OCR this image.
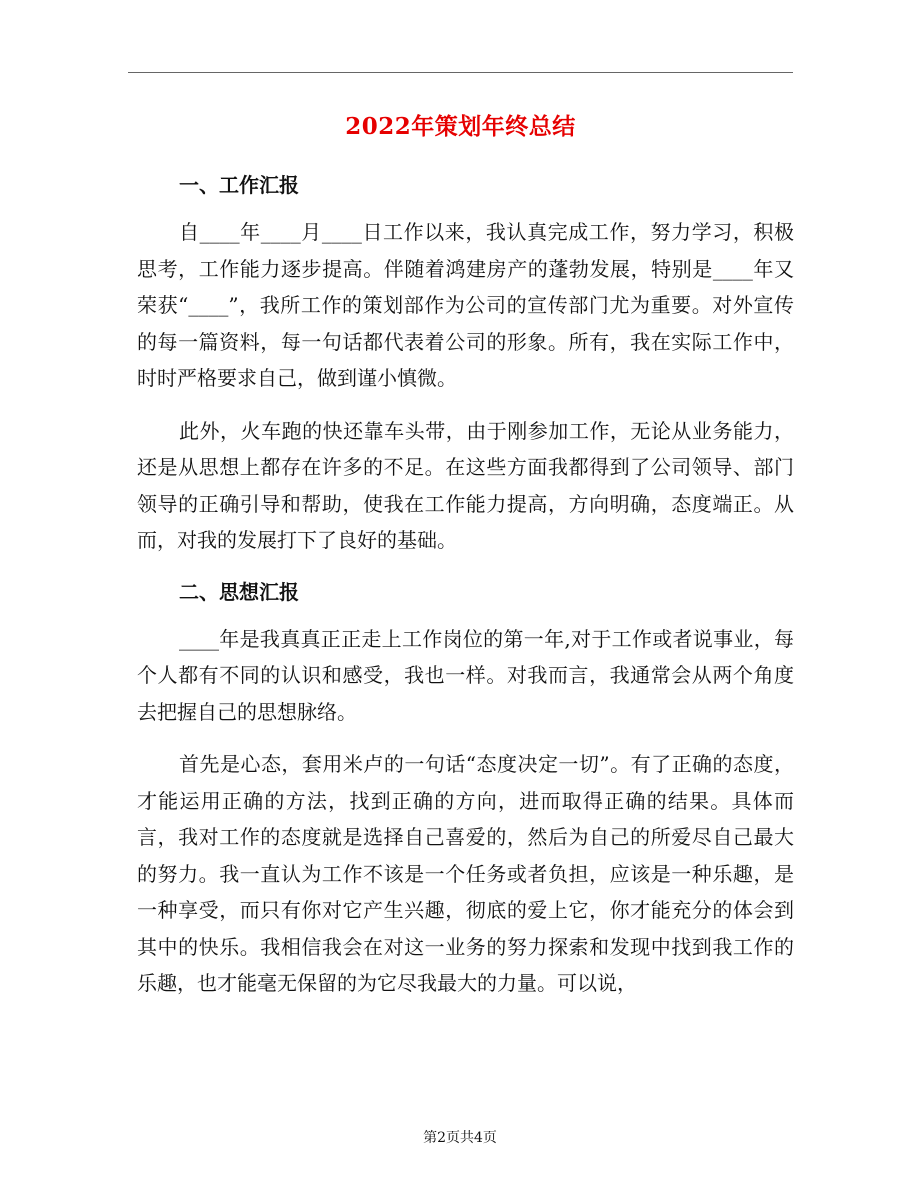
2022年策划年终总结
一、工作汇报

自____年____月____日工作以来，我认真完成工作，努力学习，积极思考，工作能力逐步提高。伴随着鸿建房产的蓬勃发展，特别是____年又荣获“____”，我所工作的策划部作为公司的宣传部门尤为重要。对外宣传的每一篇资料，每一句话都代表着公司的形象。所有，我在实际工作中，时时严格要求自己，做到谨小慎微。

此外，火车跑的快还靠车头带，由于刚参加工作，无论从业务能力，还是从思想上都存在许多的不足。在这些方面我都得到了公司领导、部门领导的正确引导和帮助，使我在工作能力提高，方向明确，态度端正。从而，对我的发展打下了良好的基础。

二、思想汇报

____年是我真真正正走上工作岗位的第一年,对于工作或者说事业，每个人都有不同的认识和感受，我也一样。对我而言，我通常会从两个角度去把握自己的思想脉络。

首先是心态，套用米卢的一句话“态度决定一切”。有了正确的态度，才能运用正确的方法，找到正确的方向，进而取得正确的结果。具体而言，我对工作的态度就是选择自己喜爱的，然后为自己的所爱尽自己最大的努力。我一直认为工作不该是一个任务或者负担，应该是一种乐趣，是一种享受，而只有你对它产生兴趣，彻底的爱上它，你才能充分的体会到其中的快乐。我相信我会在对这一业务的努力探索和发现中找到我工作的乐趣，也才能毫无保留的为它尽我最大的力量。可以说，

第2页共4页
